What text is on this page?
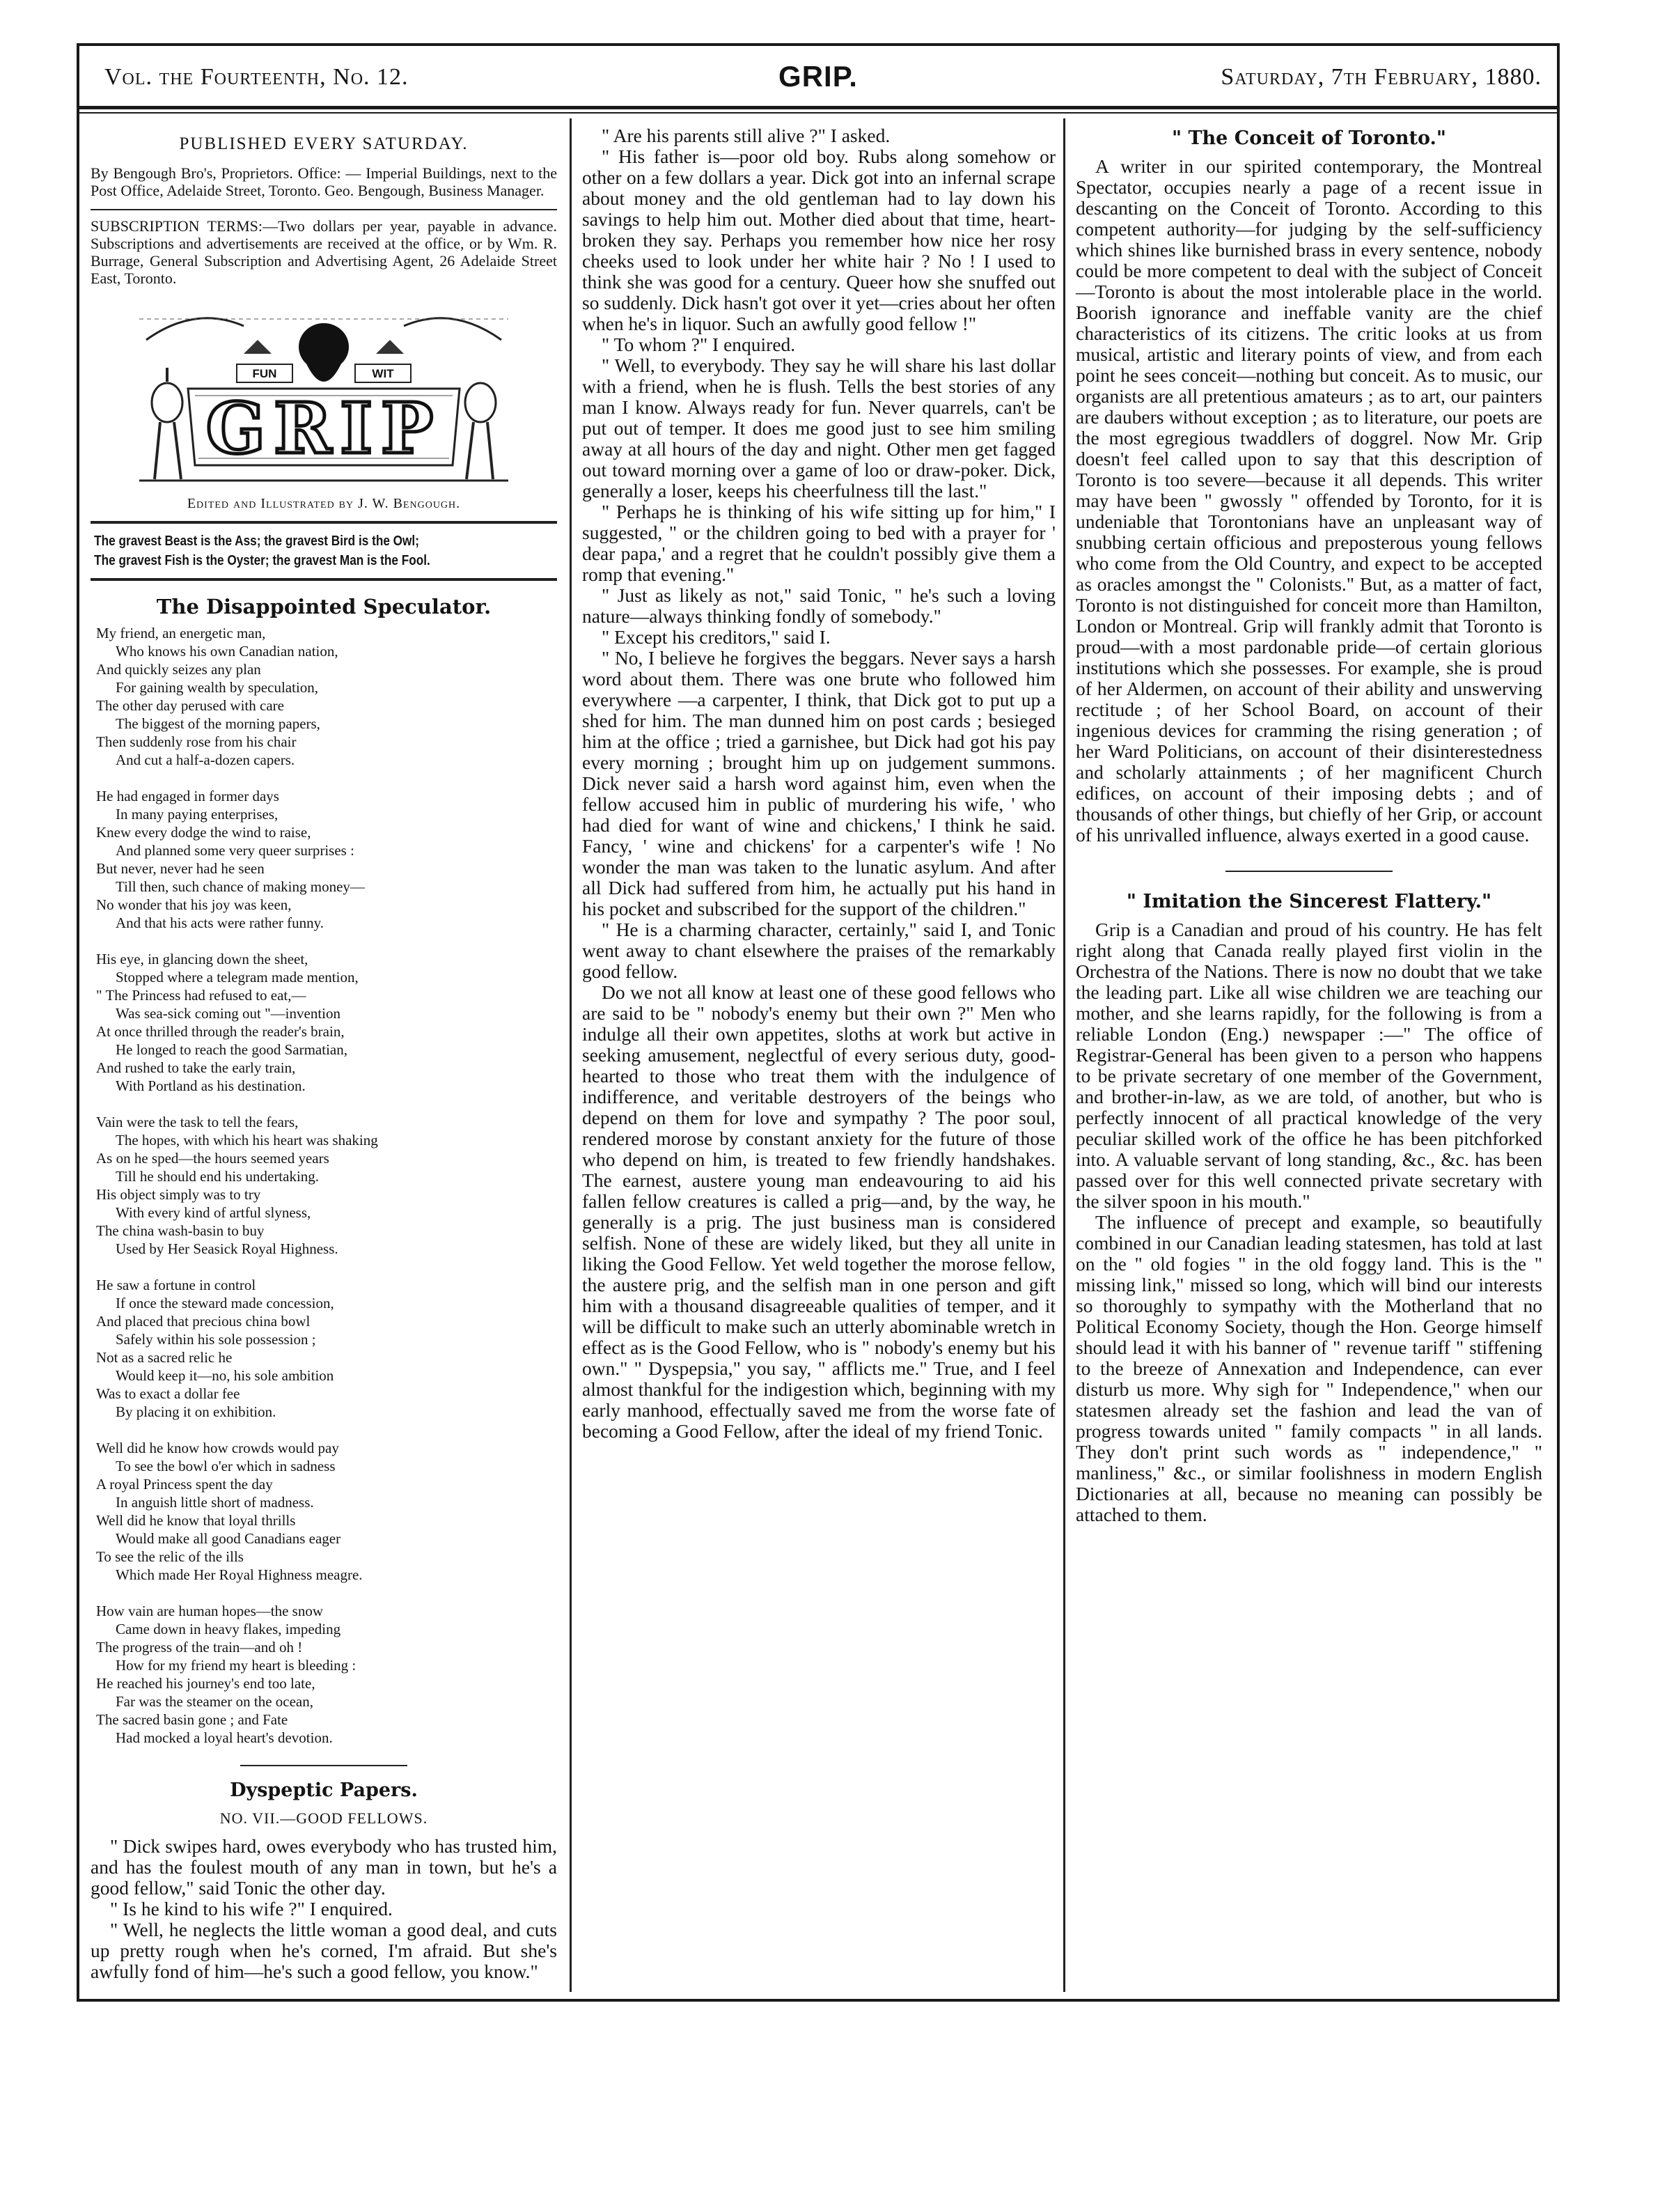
Vol. the Fourteenth, No. 12.	GRIP.	Saturday, 7th February, 1880.
PUBLISHED EVERY SATURDAY.
By Bengough Bro's, Proprietors. Office: — Imperial Buildings, next to the Post Office, Adelaide Street, Toronto. Geo. Bengough, Business Manager.
SUBSCRIPTION TERMS:—Two dollars per year, payable in advance. Subscriptions and advertisements are received at the office, or by Wm. R. Burrage, General Subscription and Advertising Agent, 26 Adelaide Street East, Toronto.
FUN	WIT
GRIP
Edited and Illustrated by J. W. Bengough.
The gravest Beast is the Ass; the gravest Bird is the Owl;
The gravest Fish is the Oyster; the gravest Man is the Fool.
The Disappointed Speculator.
My friend, an energetic man,
Who knows his own Canadian nation,
And quickly seizes any plan
For gaining wealth by speculation,
The other day perused with care
The biggest of the morning papers,
Then suddenly rose from his chair
And cut a half-a-dozen capers.
He had engaged in former days
In many paying enterprises,
Knew every dodge the wind to raise,
And planned some very queer surprises :
But never, never had he seen
Till then, such chance of making money—
No wonder that his joy was keen,
And that his acts were rather funny.
His eye, in glancing down the sheet,
Stopped where a telegram made mention,
" The Princess had refused to eat,—
Was sea-sick coming out "—invention
At once thrilled through the reader's brain,
He longed to reach the good Sarmatian,
And rushed to take the early train,
With Portland as his destination.
Vain were the task to tell the fears,
The hopes, with which his heart was shaking
As on he sped—the hours seemed years
Till he should end his undertaking.
His object simply was to try
With every kind of artful slyness,
The china wash-basin to buy
Used by Her Seasick Royal Highness.
He saw a fortune in control
If once the steward made concession,
And placed that precious china bowl
Safely within his sole possession ;
Not as a sacred relic he
Would keep it—no, his sole ambition
Was to exact a dollar fee
By placing it on exhibition.
Well did he know how crowds would pay
To see the bowl o'er which in sadness
A royal Princess spent the day
In anguish little short of madness.
Well did he know that loyal thrills
Would make all good Canadians eager
To see the relic of the ills
Which made Her Royal Highness meagre.
How vain are human hopes—the snow
Came down in heavy flakes, impeding
The progress of the train—and oh !
How for my friend my heart is bleeding :
He reached his journey's end too late,
Far was the steamer on the ocean,
The sacred basin gone ; and Fate
Had mocked a loyal heart's devotion.
Dyspeptic Papers.
NO. VII.—GOOD FELLOWS.

" Dick swipes hard, owes everybody who has trusted him, and has the foulest mouth of any man in town, but he's a good fellow," said Tonic the other day.

" Is he kind to his wife ?" I enquired.

" Well, he neglects the little woman a good deal, and cuts up pretty rough when he's corned, I'm afraid. But she's awfully fond of him—he's such a good fellow, you know."

" Are his parents still alive ?" I asked.

" His father is—poor old boy. Rubs along somehow or other on a few dollars a year. Dick got into an infernal scrape about money and the old gentleman had to lay down his savings to help him out. Mother died about that time, heart-broken they say. Perhaps you remember how nice her rosy cheeks used to look under her white hair ? No ! I used to think she was good for a century. Queer how she snuffed out so suddenly. Dick hasn't got over it yet—cries about her often when he's in liquor. Such an awfully good fellow !"

" To whom ?" I enquired.

" Well, to everybody. They say he will share his last dollar with a friend, when he is flush. Tells the best stories of any man I know. Always ready for fun. Never quarrels, can't be put out of temper. It does me good just to see him smiling away at all hours of the day and night. Other men get fagged out toward morning over a game of loo or draw-poker. Dick, generally a loser, keeps his cheerfulness till the last."

" Perhaps he is thinking of his wife sitting up for him," I suggested, " or the children going to bed with a prayer for ' dear papa,' and a regret that he couldn't possibly give them a romp that evening."

" Just as likely as not," said Tonic, " he's such a loving nature—always thinking fondly of somebody."

" Except his creditors," said I.

" No, I believe he forgives the beggars. Never says a harsh word about them. There was one brute who followed him everywhere —a carpenter, I think, that Dick got to put up a shed for him. The man dunned him on post cards ; besieged him at the office ; tried a garnishee, but Dick had got his pay every morning ; brought him up on judgement summons. Dick never said a harsh word against him, even when the fellow accused him in public of murdering his wife, ' who had died for want of wine and chickens,' I think he said. Fancy, ' wine and chickens' for a carpenter's wife ! No wonder the man was taken to the lunatic asylum. And after all Dick had suffered from him, he actually put his hand in his pocket and subscribed for the support of the children."

" He is a charming character, certainly," said I, and Tonic went away to chant elsewhere the praises of the remarkably good fellow.

Do we not all know at least one of these good fellows who are said to be " nobody's enemy but their own ?" Men who indulge all their own appetites, sloths at work but active in seeking amusement, neglectful of every serious duty, good-hearted to those who treat them with the indulgence of indifference, and veritable destroyers of the beings who depend on them for love and sympathy ? The poor soul, rendered morose by constant anxiety for the future of those who depend on him, is treated to few friendly handshakes. The earnest, austere young man endeavouring to aid his fallen fellow creatures is called a prig—and, by the way, he generally is a prig. The just business man is considered selfish. None of these are widely liked, but they all unite in liking the Good Fellow. Yet weld together the morose fellow, the austere prig, and the selfish man in one person and gift him with a thousand disagreeable qualities of temper, and it will be difficult to make such an utterly abominable wretch in effect as is the Good Fellow, who is " nobody's enemy but his own." " Dyspepsia," you say, " afflicts me." True, and I feel almost thankful for the indigestion which, beginning with my early manhood, effectually saved me from the worse fate of becoming a Good Fellow, after the ideal of my friend Tonic.

" The Conceit of Toronto."

A writer in our spirited contemporary, the Montreal Spectator, occupies nearly a page of a recent issue in descanting on the Conceit of Toronto. According to this competent authority—for judging by the self-sufficiency which shines like burnished brass in every sentence, nobody could be more competent to deal with the subject of Conceit—Toronto is about the most intolerable place in the world. Boorish ignorance and ineffable vanity are the chief characteristics of its citizens. The critic looks at us from musical, artistic and literary points of view, and from each point he sees conceit—nothing but conceit. As to music, our organists are all pretentious amateurs ; as to art, our painters are daubers without exception ; as to literature, our poets are the most egregious twaddlers of doggrel. Now Mr. Grip doesn't feel called upon to say that this description of Toronto is too severe—because it all depends. This writer may have been " gwossly " offended by Toronto, for it is undeniable that Torontonians have an unpleasant way of snubbing certain officious and preposterous young fellows who come from the Old Country, and expect to be accepted as oracles amongst the " Colonists." But, as a matter of fact, Toronto is not distinguished for conceit more than Hamilton, London or Montreal. Grip will frankly admit that Toronto is proud—with a most pardonable pride—of certain glorious institutions which she possesses. For example, she is proud of her Aldermen, on account of their ability and unswerving rectitude ; of her School Board, on account of their ingenious devices for cramming the rising generation ; of her Ward Politicians, on account of their disinterestedness and scholarly attainments ; of her magnificent Church edifices, on account of their imposing debts ; and of thousands of other things, but chiefly of her Grip, or account of his unrivalled influence, always exerted in a good cause.

" Imitation the Sincerest Flattery."

Grip is a Canadian and proud of his country. He has felt right along that Canada really played first violin in the Orchestra of the Nations. There is now no doubt that we take the leading part. Like all wise children we are teaching our mother, and she learns rapidly, for the following is from a reliable London (Eng.) newspaper :—" The office of Registrar-General has been given to a person who happens to be private secretary of one member of the Government, and brother-in-law, as we are told, of another, but who is perfectly innocent of all practical knowledge of the very peculiar skilled work of the office he has been pitchforked into. A valuable servant of long standing, &c., &c. has been passed over for this well connected private secretary with the silver spoon in his mouth."

The influence of precept and example, so beautifully combined in our Canadian leading statesmen, has told at last on the " old fogies " in the old foggy land. This is the " missing link," missed so long, which will bind our interests so thoroughly to sympathy with the Motherland that no Political Economy Society, though the Hon. George himself should lead it with his banner of " revenue tariff " stiffening to the breeze of Annexation and Independence, can ever disturb us more. Why sigh for " Independence," when our statesmen already set the fashion and lead the van of progress towards united " family compacts " in all lands. They don't print such words as " independence," " manliness," &c., or similar foolishness in modern English Dictionaries at all, because no meaning can possibly be attached to them.
